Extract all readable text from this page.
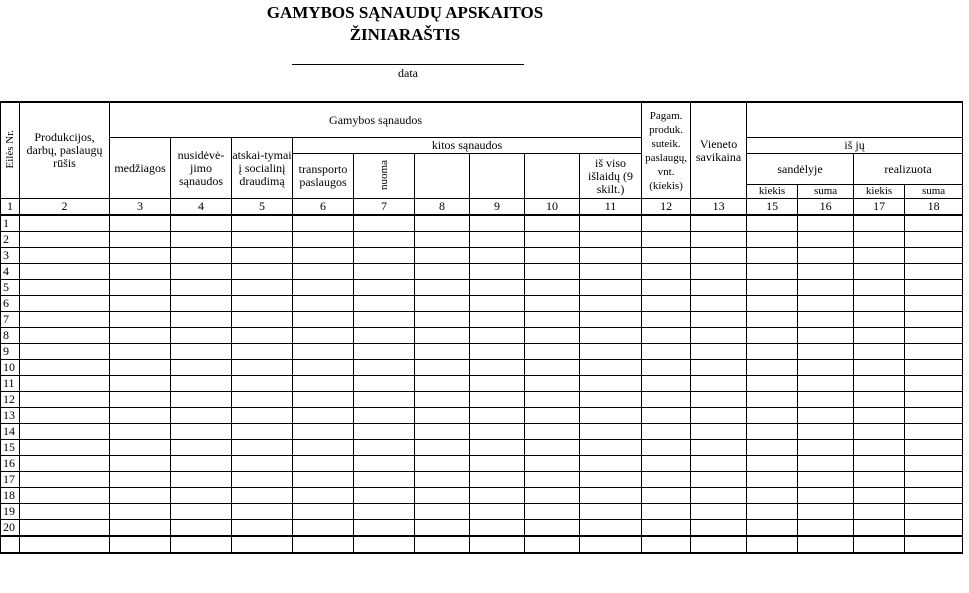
GAMYBOS SĄNAUDŲ APSKAITOS
ŽINIARAŠTIS
data
Eilės Nr.	Produkcijos, darbų, paslaugų rūšis	Gamybos sąnaudos									Pagam. produk. suteik. paslaugų, vnt. (kiekis)	Vieneto savikaina				
		medžiagos	nusidėvė-jimo sąnaudos	atskai-tymai į socialinį draudimą	kitos sąnaudos								iš jų			
					transporto paslaugos	nuoma				iš viso išlaidų (9 skilt.)			sandėlyje		realizuota	
													kiekis	suma	kiekis	suma
1	2	3	4	5	6	7	8	9	10	11	12	13	15	16	17	18
1																
2																
3																
4																
5																
6																
7																
8																
9																
10																
11																
12																
13																
14																
15																
16																
17																
18																
19																
20																
